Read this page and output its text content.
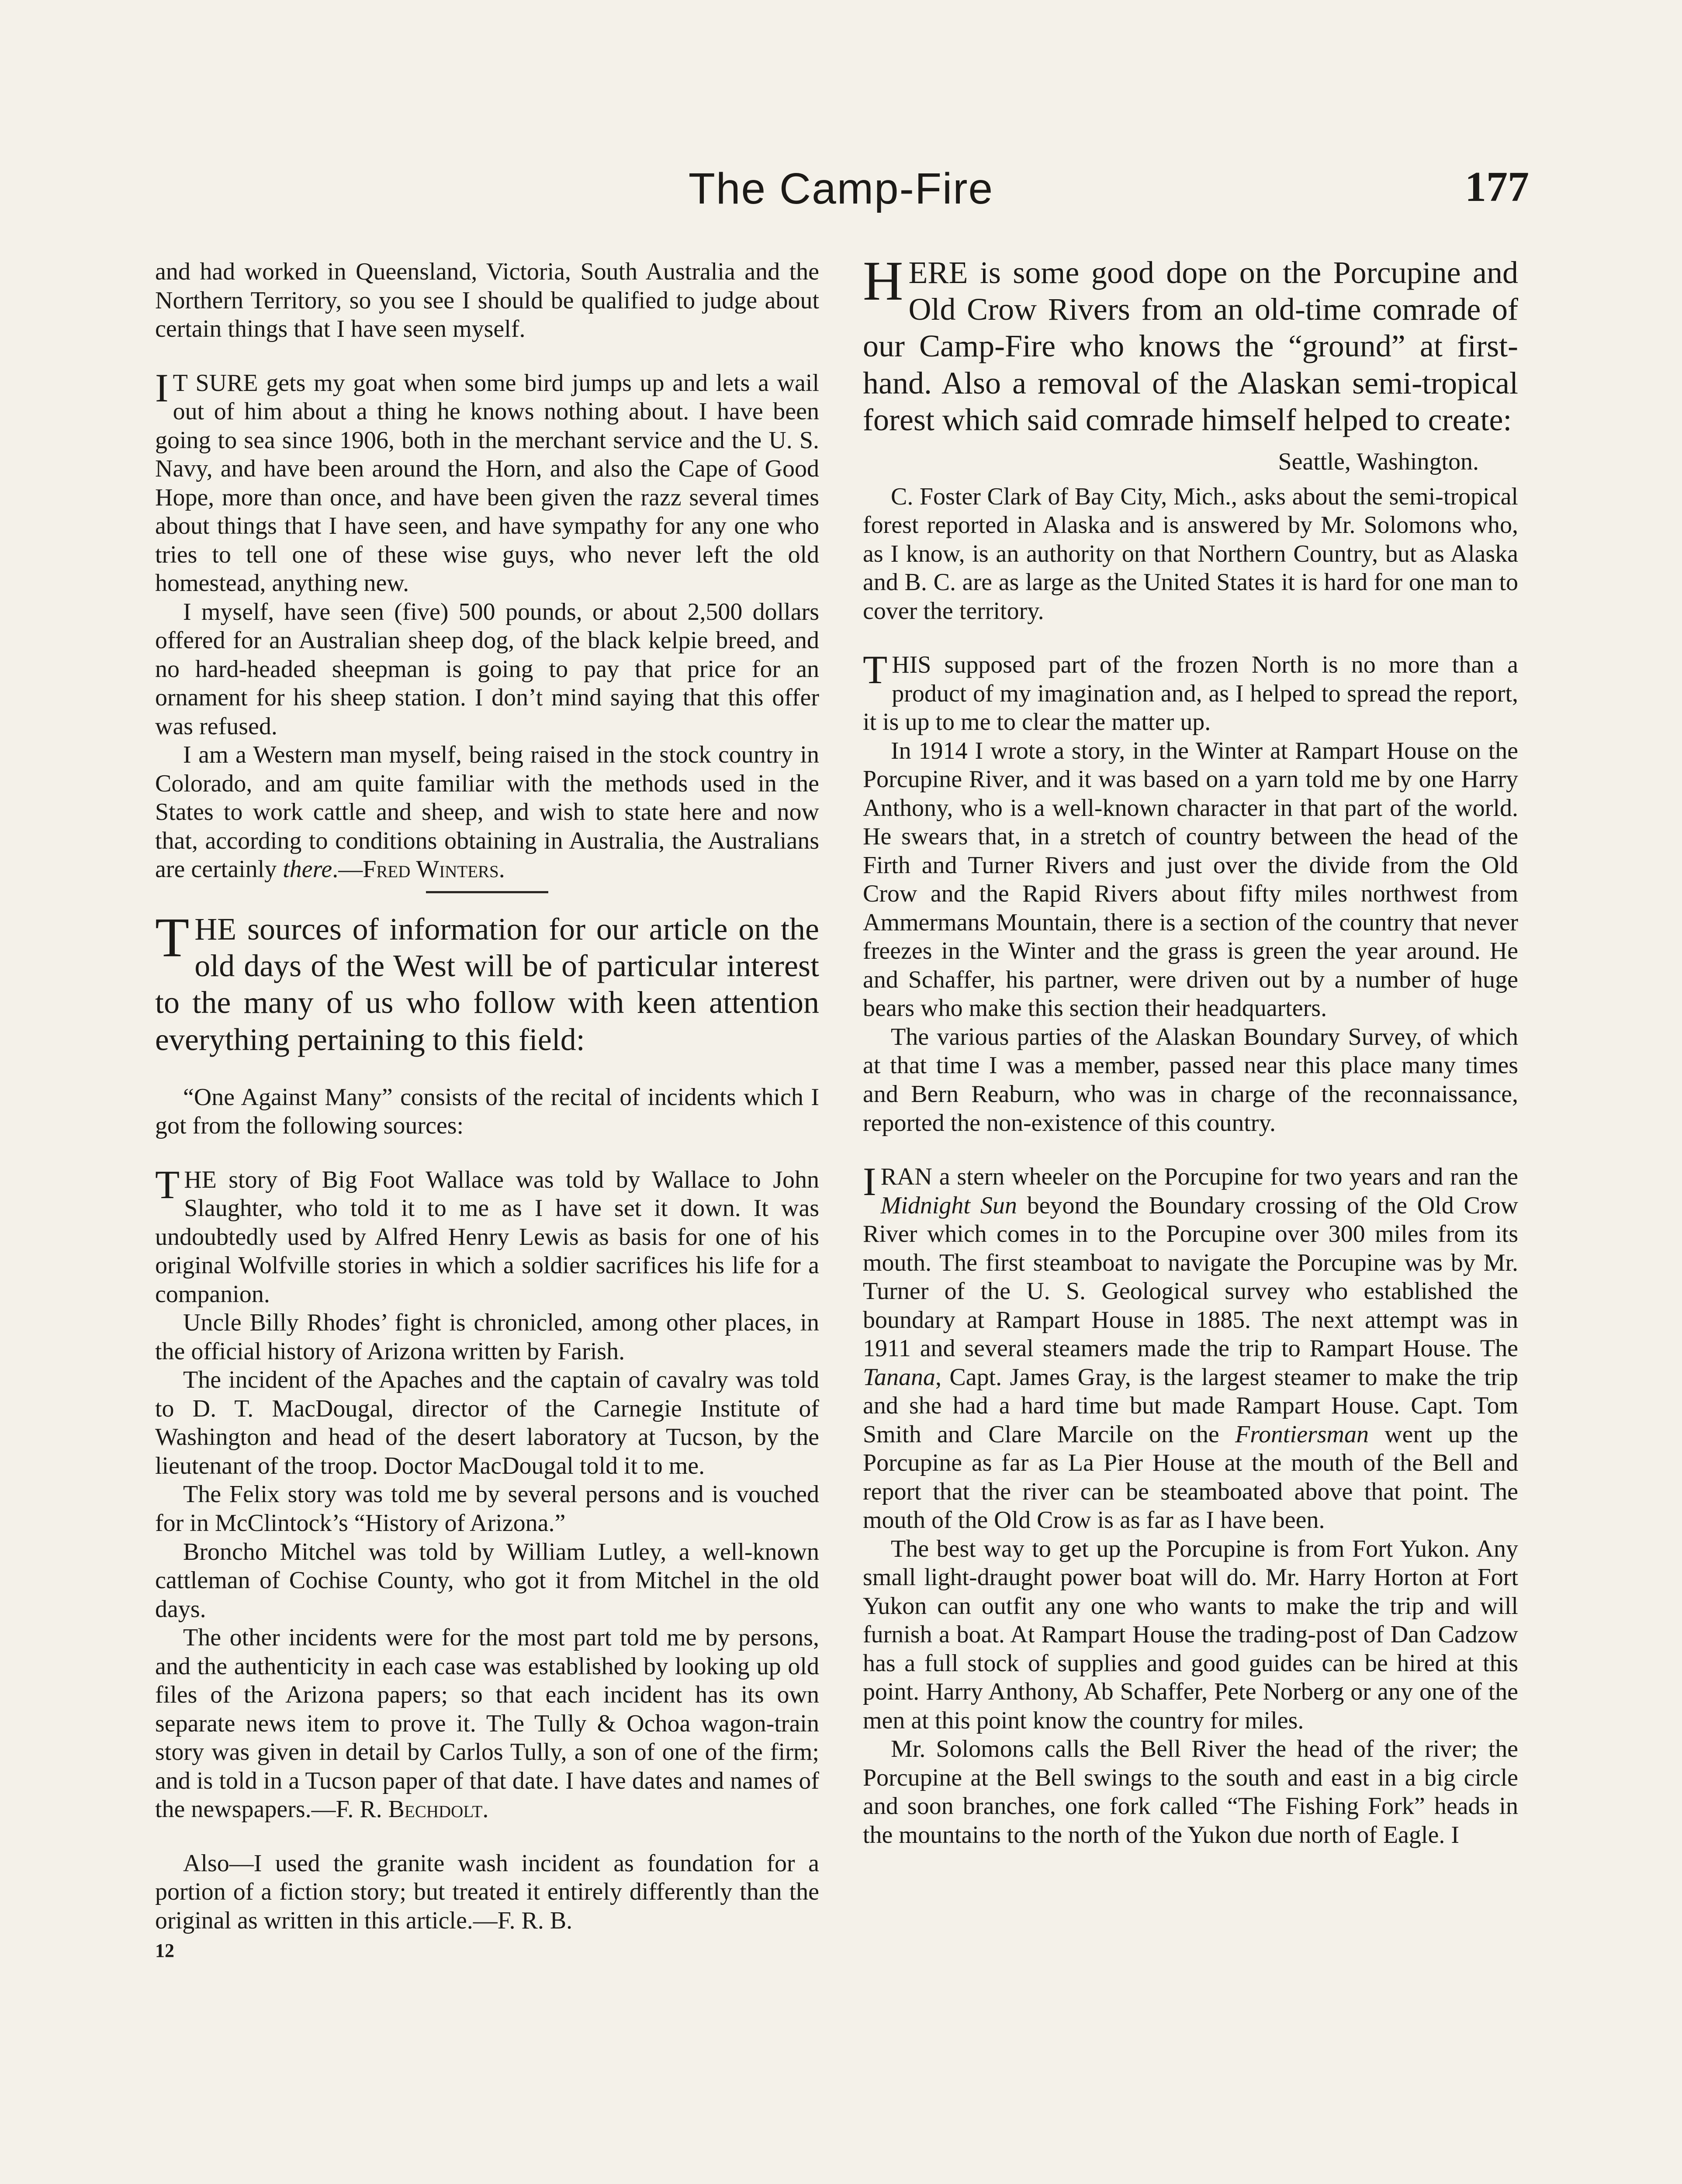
The Camp-Fire	177

and had worked in Queensland, Victoria, South Australia and the Northern Territory, so you see I should be qualified to judge about certain things that I have seen myself.

I T SURE gets my goat when some bird jumps up and lets a wail out of him about a thing he knows nothing about. I have been going to sea since 1906, both in the merchant service and the U. S. Navy, and have been around the Horn, and also the Cape of Good Hope, more than once, and have been given the razz several times about things that I have seen, and have sympathy for any one who tries to tell one of these wise guys, who never left the old homestead, anything new.

I myself, have seen (five) 500 pounds, or about 2,500 dollars offered for an Australian sheep dog, of the black kelpie breed, and no hard-headed sheepman is going to pay that price for an ornament for his sheep station. I don’t mind saying that this offer was refused.

I am a Western man myself, being raised in the stock country in Colorado, and am quite familiar with the methods used in the States to work cattle and sheep, and wish to state here and now that, according to conditions obtaining in Australia, the Australians are certainly there.—Fred Winters.

THE sources of information for our article on the old days of the West will be of particular interest to the many of us who follow with keen attention everything pertaining to this field:

“One Against Many” consists of the recital of incidents which I got from the following sources:

THE story of Big Foot Wallace was told by Wallace to John Slaughter, who told it to me as I have set it down. It was undoubtedly used by Alfred Henry Lewis as basis for one of his original Wolfville stories in which a soldier sacrifices his life for a companion.

Uncle Billy Rhodes’ fight is chronicled, among other places, in the official history of Arizona written by Farish.

The incident of the Apaches and the captain of cavalry was told to D. T. MacDougal, director of the Carnegie Institute of Washington and head of the desert laboratory at Tucson, by the lieutenant of the troop. Doctor MacDougal told it to me.

The Felix story was told me by several persons and is vouched for in McClintock’s “History of Arizona.”

Broncho Mitchel was told by William Lutley, a well-known cattleman of Cochise County, who got it from Mitchel in the old days.

The other incidents were for the most part told me by persons, and the authenticity in each case was established by looking up old files of the Arizona papers; so that each incident has its own separate news item to prove it. The Tully & Ochoa wagon-train story was given in detail by Carlos Tully, a son of one of the firm; and is told in a Tucson paper of that date. I have dates and names of the newspapers.—F. R. Bechdolt.

Also—I used the granite wash incident as foundation for a portion of a fiction story; but treated it entirely differently than the original as written in this article.—F. R. B.

12

HERE is some good dope on the Porcupine and Old Crow Rivers from an old-time comrade of our Camp-Fire who knows the “ground” at first-hand. Also a removal of the Alaskan semi-tropical forest which said comrade himself helped to create:

Seattle, Washington.

C. Foster Clark of Bay City, Mich., asks about the semi-tropical forest reported in Alaska and is answered by Mr. Solomons who, as I know, is an authority on that Northern Country, but as Alaska and B. C. are as large as the United States it is hard for one man to cover the territory.

THIS supposed part of the frozen North is no more than a product of my imagination and, as I helped to spread the report, it is up to me to clear the matter up.

In 1914 I wrote a story, in the Winter at Rampart House on the Porcupine River, and it was based on a yarn told me by one Harry Anthony, who is a well-known character in that part of the world. He swears that, in a stretch of country between the head of the Firth and Turner Rivers and just over the divide from the Old Crow and the Rapid Rivers about fifty miles northwest from Ammermans Mountain, there is a section of the country that never freezes in the Winter and the grass is green the year around. He and Schaffer, his partner, were driven out by a number of huge bears who make this section their headquarters.

The various parties of the Alaskan Boundary Survey, of which at that time I was a member, passed near this place many times and Bern Reaburn, who was in charge of the reconnaissance, reported the non-existence of this country.

IRAN a stern wheeler on the Porcupine for two years and ran the Midnight Sun beyond the Boundary crossing of the Old Crow River which comes in to the Porcupine over 300 miles from its mouth. The first steamboat to navigate the Porcupine was by Mr. Turner of the U. S. Geological survey who established the boundary at Rampart House in 1885. The next attempt was in 1911 and several steamers made the trip to Rampart House. The Tanana, Capt. James Gray, is the largest steamer to make the trip and she had a hard time but made Rampart House. Capt. Tom Smith and Clare Marcile on the Frontiersman went up the Porcupine as far as La Pier House at the mouth of the Bell and report that the river can be steamboated above that point. The mouth of the Old Crow is as far as I have been.

The best way to get up the Porcupine is from Fort Yukon. Any small light-draught power boat will do. Mr. Harry Horton at Fort Yukon can outfit any one who wants to make the trip and will furnish a boat. At Rampart House the trading-post of Dan Cadzow has a full stock of supplies and good guides can be hired at this point. Harry Anthony, Ab Schaffer, Pete Norberg or any one of the men at this point know the country for miles.

Mr. Solomons calls the Bell River the head of the river; the Porcupine at the Bell swings to the south and east in a big circle and soon branches, one fork called “The Fishing Fork” heads in the mountains to the north of the Yukon due north of Eagle. I
